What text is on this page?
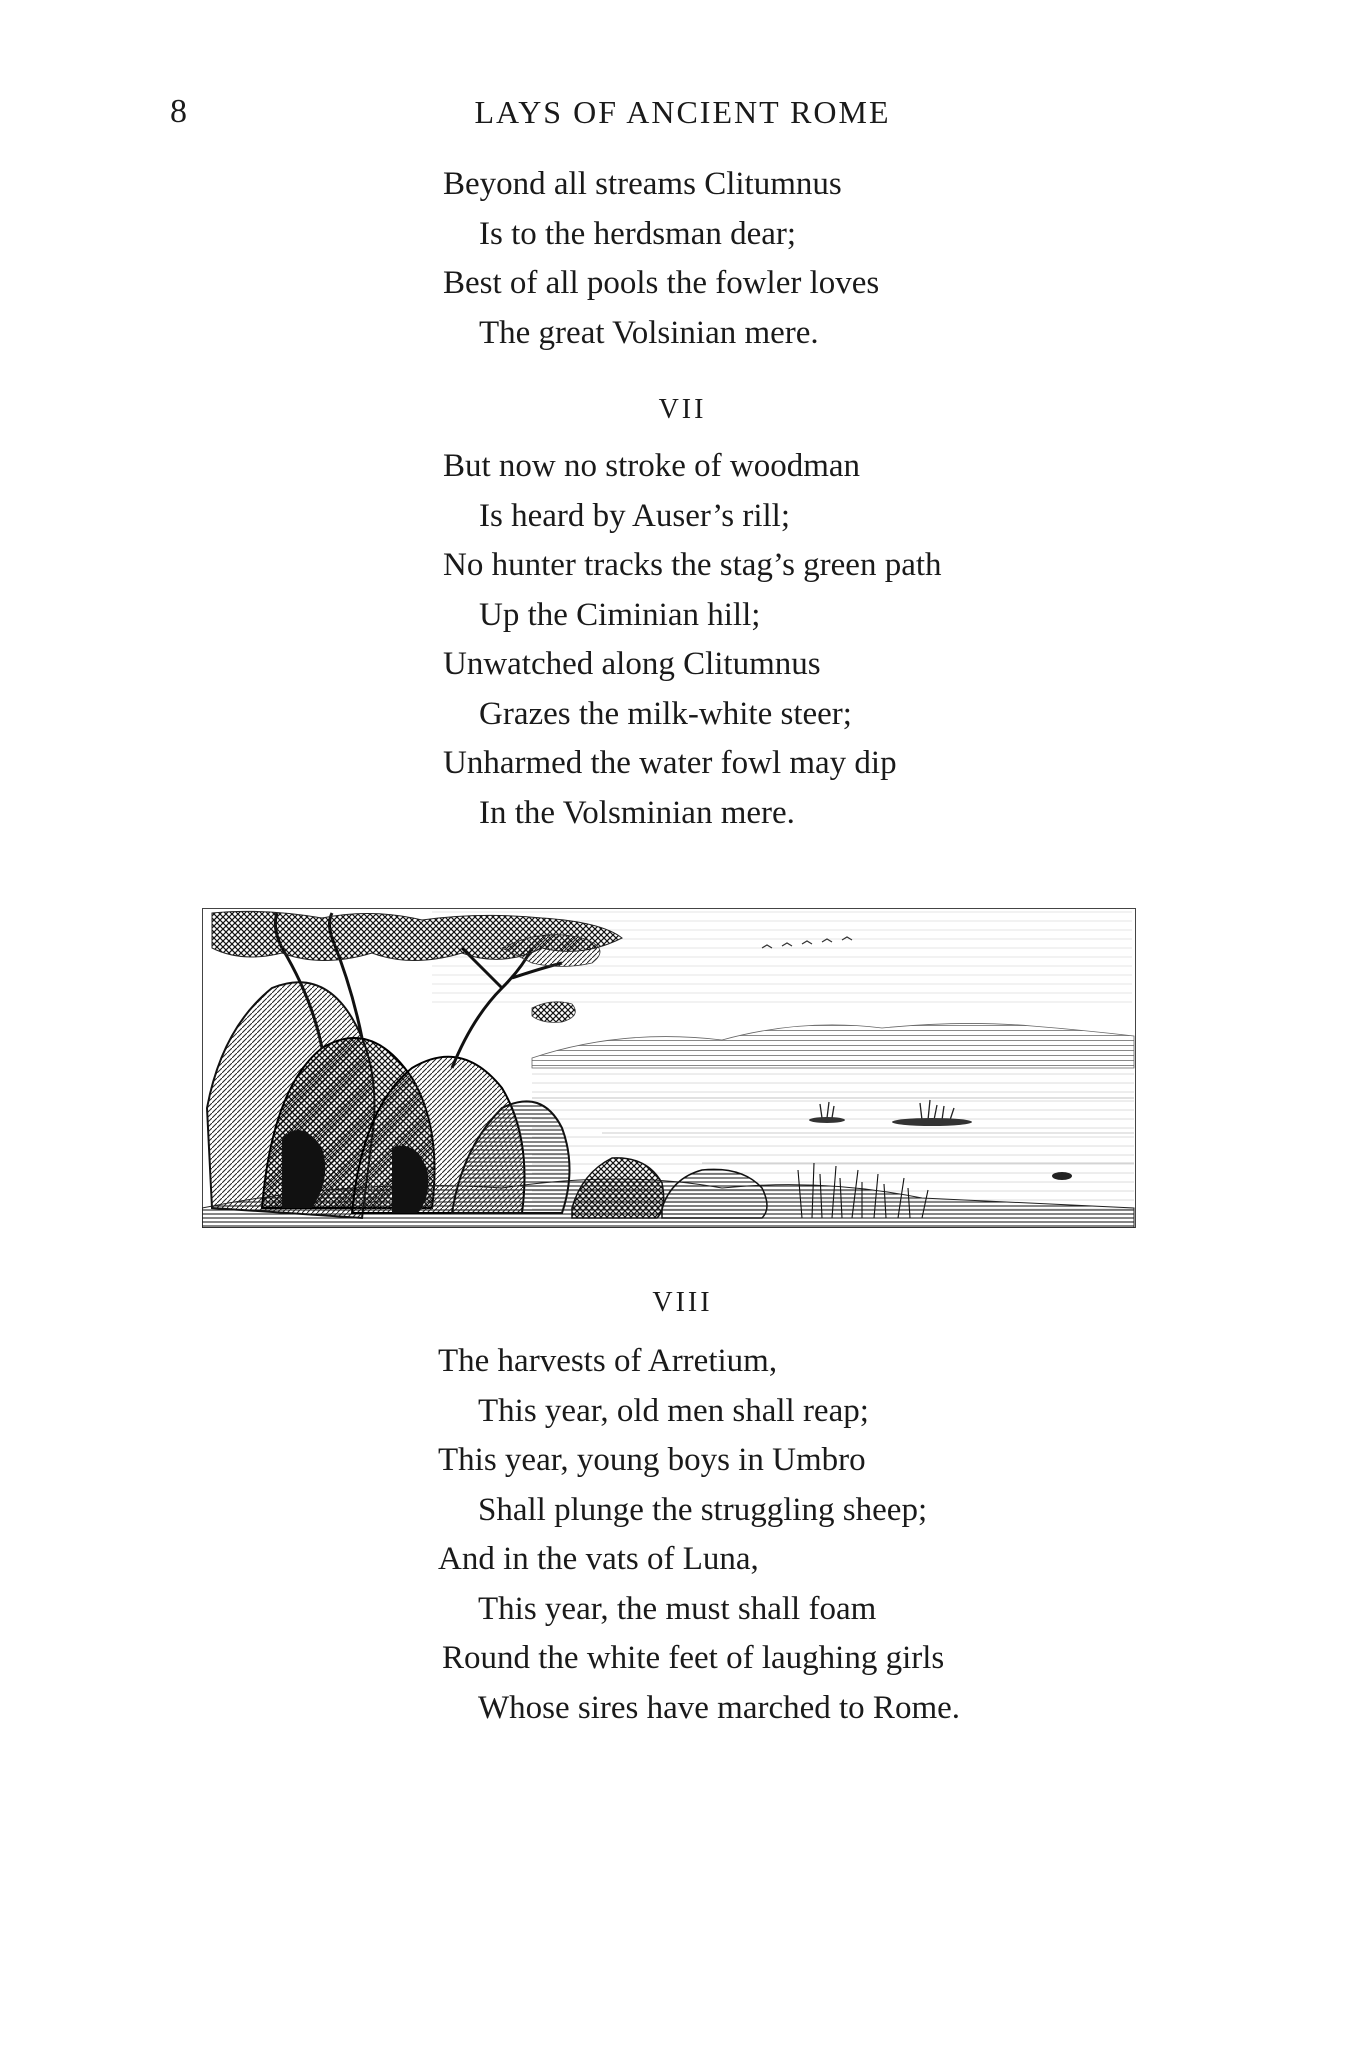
8	LAYS OF ANCIENT ROME
Beyond all streams Clitumnus
Is to the herdsman dear;
Best of all pools the fowler loves
The great Volsinian mere.
VII
But now no stroke of woodman
Is heard by Auser’s rill;
No hunter tracks the stag’s green path
Up the Ciminian hill;
Unwatched along Clitumnus
Grazes the milk-white steer;
Unharmed the water fowl may dip
In the Volsminian mere.
VIII
The harvests of Arretium,
This year, old men shall reap;
This year, young boys in Umbro
Shall plunge the struggling sheep;
And in the vats of Luna,
This year, the must shall foam
Round the white feet of laughing girls
Whose sires have marched to Rome.
